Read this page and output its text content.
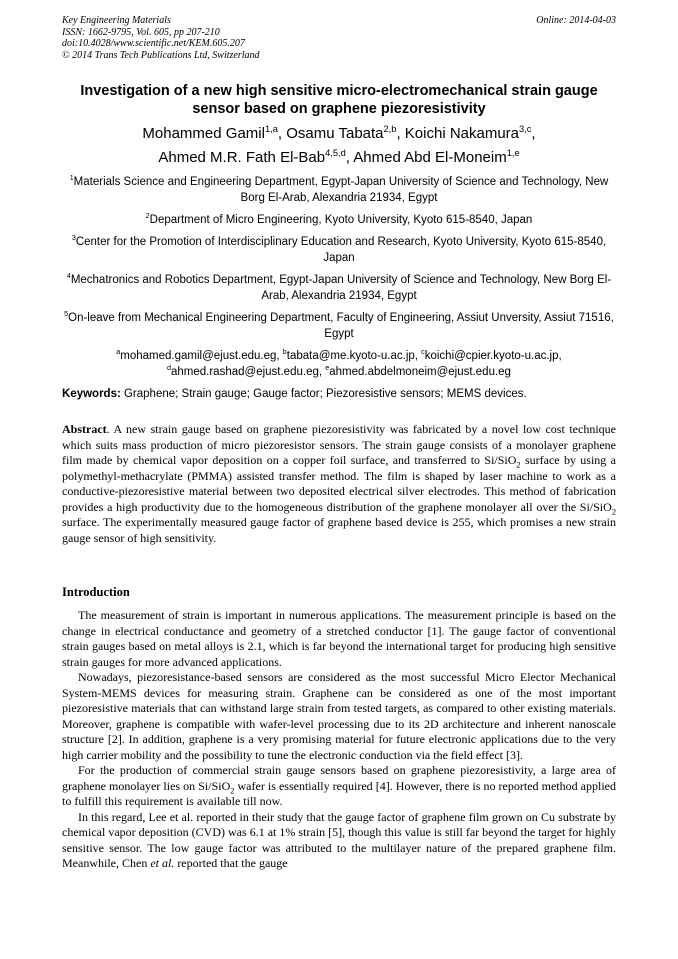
Key Engineering Materials
ISSN: 1662-9795, Vol. 605, pp 207-210
doi:10.4028/www.scientific.net/KEM.605.207
© 2014 Trans Tech Publications Ltd, Switzerland
Online: 2014-04-03
Investigation of a new high sensitive micro-electromechanical strain gauge sensor based on graphene piezoresistivity
Mohammed Gamil$^{1,a}$, Osamu Tabata$^{2,b}$, Koichi Nakamura$^{3,c}$,
Ahmed M.R. Fath El-Bab$^{4,5,d}$, Ahmed Abd El-Moneim$^{1,e}$

$^1$Materials Science and Engineering Department, Egypt-Japan University of Science and Technology, New Borg El-Arab, Alexandria 21934, Egypt

$^2$Department of Micro Engineering, Kyoto University, Kyoto 615-8540, Japan

$^3$Center for the Promotion of Interdisciplinary Education and Research, Kyoto University, Kyoto 615-8540, Japan

$^4$Mechatronics and Robotics Department, Egypt-Japan University of Science and Technology, New Borg El-Arab, Alexandria 21934, Egypt

$^5$On-leave from Mechanical Engineering Department, Faculty of Engineering, Assiut Unversity, Assiut 71516, Egypt

$^a$mohamed.gamil@ejust.edu.eg, $^b$tabata@me.kyoto-u.ac.jp, $^c$koichi@cpier.kyoto-u.ac.jp,
$^d$ahmed.rashad@ejust.edu.eg, $^e$ahmed.abdelmoneim@ejust.edu.eg
Keywords: Graphene; Strain gauge; Gauge factor; Piezoresistive sensors; MEMS devices.

Abstract. A new strain gauge based on graphene piezoresistivity was fabricated by a novel low cost technique which suits mass production of micro piezoresistor sensors. The strain gauge consists of a monolayer graphene film made by chemical vapor deposition on a copper foil surface, and transferred to Si/SiO$_2$ surface by using a polymethyl-methacrylate (PMMA) assisted transfer method. The film is shaped by laser machine to work as a conductive-piezoresistive material between two deposited electrical silver electrodes. This method of fabrication provides a high productivity due to the homogeneous distribution of the graphene monolayer all over the Si/SiO$_2$ surface. The experimentally measured gauge factor of graphene based device is 255, which promises a new strain gauge sensor of high sensitivity.

Introduction

The measurement of strain is important in numerous applications. The measurement principle is based on the change in electrical conductance and geometry of a stretched conductor [1]. The gauge factor of conventional strain gauges based on metal alloys is 2.1, which is far beyond the international target for producing high sensitive strain gauges for more advanced applications.

Nowadays, piezoresistance-based sensors are considered as the most successful Micro Elector Mechanical System-MEMS devices for measuring strain. Graphene can be considered as one of the most important piezoresistive materials that can withstand large strain from tested targets, as compared to other existing materials. Moreover, graphene is compatible with wafer-level processing due to its 2D architecture and inherent nanoscale structure [2]. In addition, graphene is a very promising material for future electronic applications due to the very high carrier mobility and the possibility to tune the electronic conduction via the field effect [3].

For the production of commercial strain gauge sensors based on graphene piezoresistivity, a large area of graphene monolayer lies on Si/SiO$_2$ wafer is essentially required [4]. However, there is no reported method applied to fulfill this requirement is available till now.

In this regard, Lee et al. reported in their study that the gauge factor of graphene film grown on Cu substrate by chemical vapor deposition (CVD) was 6.1 at 1% strain [5], though this value is still far beyond the target for highly sensitive sensor. The low gauge factor was attributed to the multilayer nature of the prepared graphene film. Meanwhile, Chen et al. reported that the gauge
